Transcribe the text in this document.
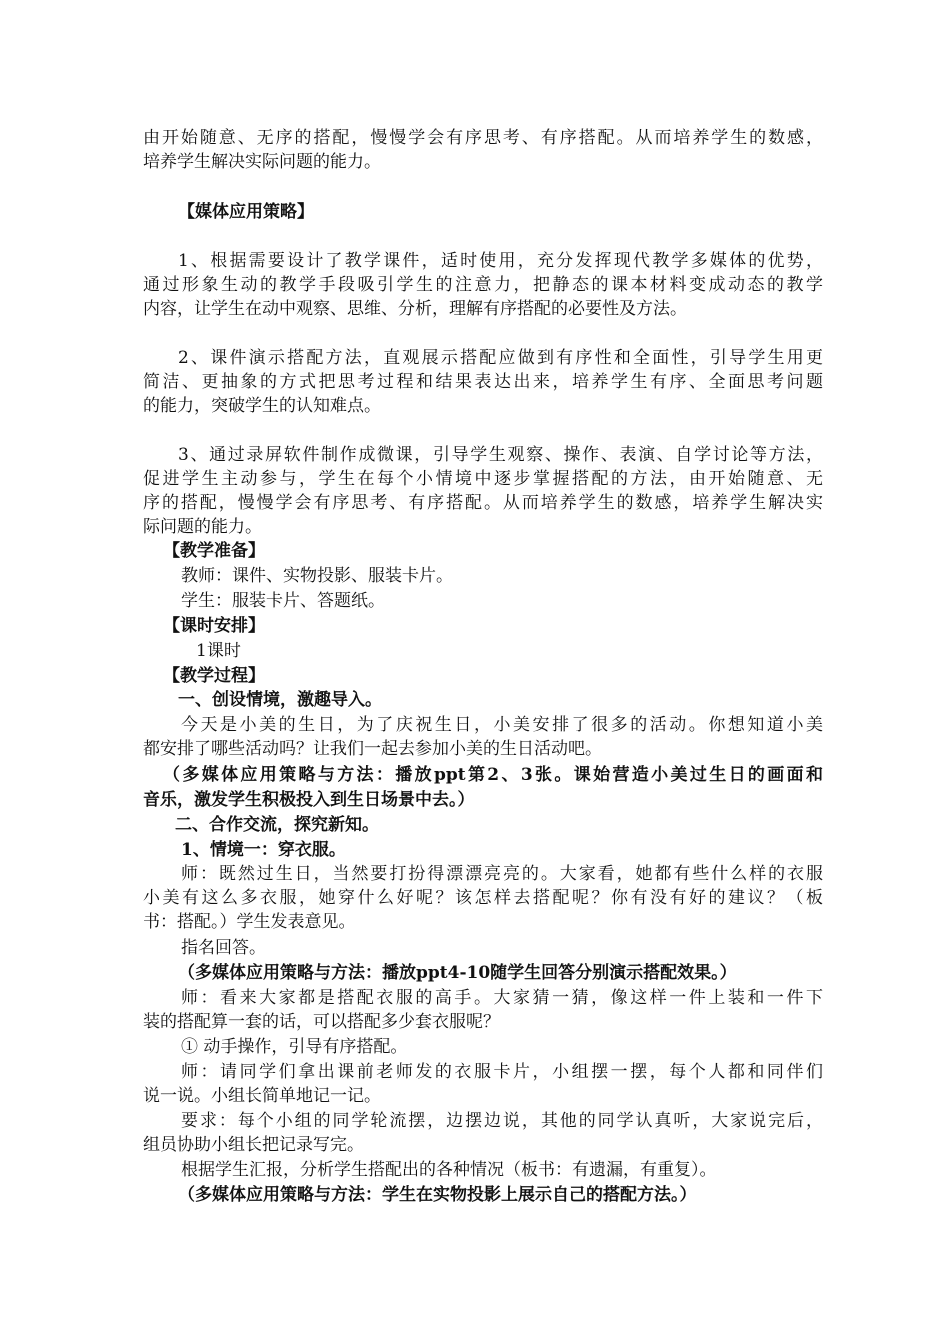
由开始随意、无序的搭配，慢慢学会有序思考、有序搭配。从而培养学生的数感，

培养学生解决实际问题的能力。

【媒体应用策略】

1、根据需要设计了教学课件，适时使用，充分发挥现代教学多媒体的优势，

通过形象生动的教学手段吸引学生的注意力，把静态的课本材料变成动态的教学

内容，让学生在动中观察、思维、分析，理解有序搭配的必要性及方法。

2、课件演示搭配方法，直观展示搭配应做到有序性和全面性，引导学生用更

简洁、更抽象的方式把思考过程和结果表达出来，培养学生有序、全面思考问题

的能力，突破学生的认知难点。

3、通过录屏软件制作成微课，引导学生观察、操作、表演、自学讨论等方法，

促进学生主动参与，学生在每个小情境中逐步掌握搭配的方法，由开始随意、无

序的搭配，慢慢学会有序思考、有序搭配。从而培养学生的数感，培养学生解决实

际问题的能力。

【教学准备】

教师：课件、实物投影、服装卡片。

学生：服装卡片、答题纸。

【课时安排】

1课时

【教学过程】

一、创设情境，激趣导入。

今天是小美的生日，为了庆祝生日，小美安排了很多的活动。你想知道小美

都安排了哪些活动吗？让我们一起去参加小美的生日活动吧。

（多媒体应用策略与方法：播放ppt第2、3张。课始营造小美过生日的画面和

音乐，激发学生积极投入到生日场景中去。）

二、合作交流，探究新知。

1、情境一：穿衣服。

师：既然过生日，当然要打扮得漂漂亮亮的。大家看，她都有些什么样的衣服

小美有这么多衣服，她穿什么好呢？该怎样去搭配呢？你有没有好的建议？（板

书：搭配。）学生发表意见。

指名回答。

（多媒体应用策略与方法：播放ppt4-10随学生回答分别演示搭配效果。）

师：看来大家都是搭配衣服的高手。大家猜一猜，像这样一件上装和一件下

装的搭配算一套的话，可以搭配多少套衣服呢？

① 动手操作，引导有序搭配。

师：请同学们拿出课前老师发的衣服卡片，小组摆一摆，每个人都和同伴们

说一说。小组长简单地记一记。

要求：每个小组的同学轮流摆，边摆边说，其他的同学认真听，大家说完后，

组员协助小组长把记录写完。

根据学生汇报，分析学生搭配出的各种情况（板书：有遗漏，有重复）。

（多媒体应用策略与方法：学生在实物投影上展示自己的搭配方法。）
